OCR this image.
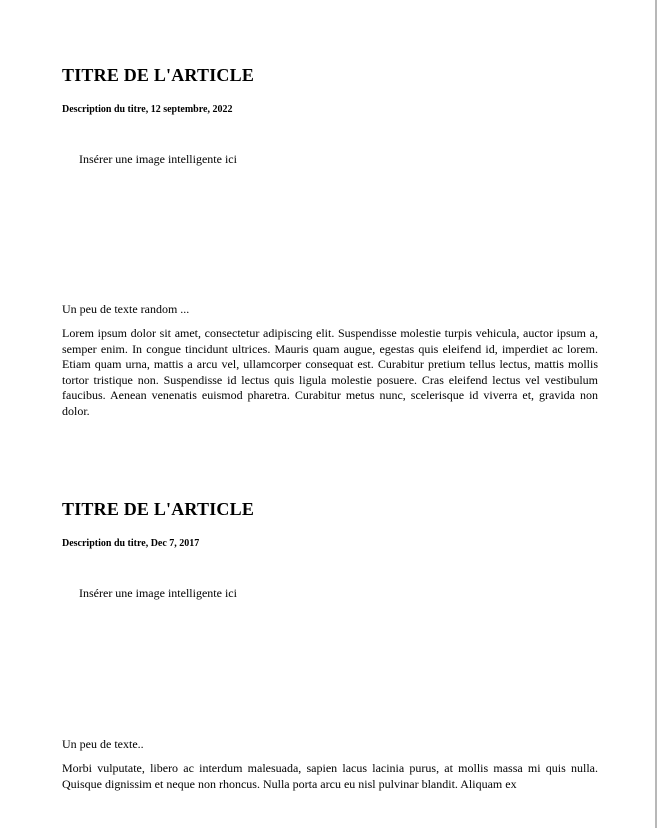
TITRE DE L'ARTICLE
Description du titre, 12 septembre, 2022
Insérer une image intelligente ici

Un peu de texte random ...

Lorem ipsum dolor sit amet, consectetur adipiscing elit. Suspendisse molestie turpis vehicula, auctor ipsum a, semper enim. In congue tincidunt ultrices. Mauris quam augue, egestas quis eleifend id, imperdiet ac lorem. Etiam quam urna, mattis a arcu vel, ullamcorper consequat est. Curabitur pretium tellus lectus, mattis mollis tortor tristique non. Suspendisse id lectus quis ligula molestie posuere. Cras eleifend lectus vel vestibulum faucibus. Aenean venenatis euismod pharetra. Curabitur metus nunc, scelerisque id viverra et, gravida non dolor.

TITRE DE L'ARTICLE
Description du titre, Dec 7, 2017
Insérer une image intelligente ici

Un peu de texte..

Morbi vulputate, libero ac interdum malesuada, sapien lacus lacinia purus, at mollis massa mi quis nulla. Quisque dignissim et neque non rhoncus. Nulla porta arcu eu nisl pulvinar blandit. Aliquam ex
